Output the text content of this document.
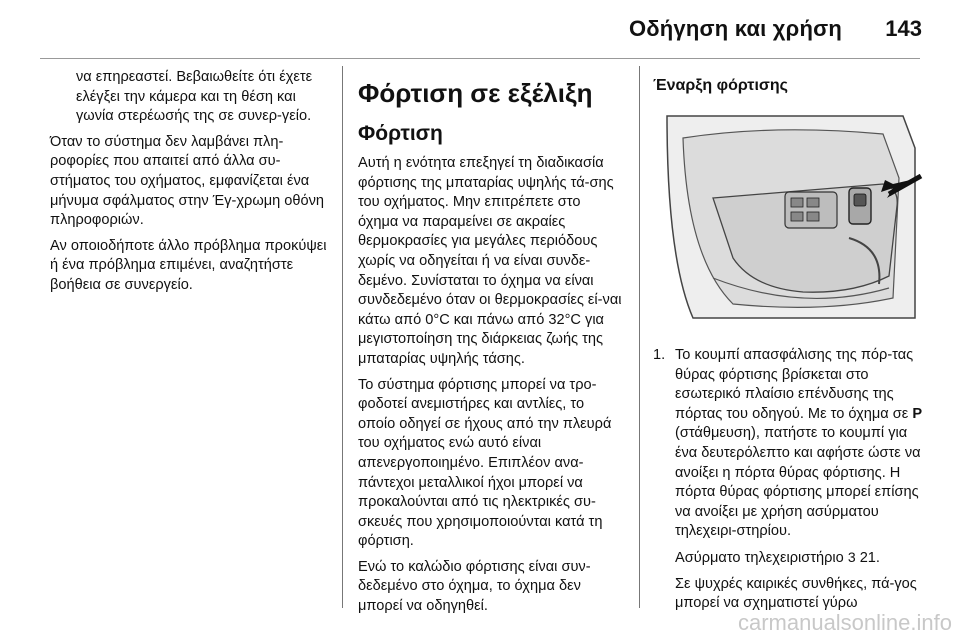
Οδήγηση και χρήση 143

να επηρεαστεί. Βεβαιωθείτε ότι έχετε ελέγξει την κάμερα και τη θέση και γωνία στερέωσής της σε συνερ-γείο.

Όταν το σύστημα δεν λαμβάνει πλη-ροφορίες που απαιτεί από άλλα συ-στήματος του οχήματος, εμφανίζεται ένα μήνυμα σφάλματος στην Έγ-χρωμη οθόνη πληροφοριών.

Αν οποιοδήποτε άλλο πρόβλημα προκύψει ή ένα πρόβλημα επιμένει, αναζητήστε βοήθεια σε συνεργείο.

Φόρτιση σε εξέλιξη
Φόρτιση

Αυτή η ενότητα επεξηγεί τη διαδικασία φόρτισης της μπαταρίας υψηλής τά-σης του οχήματος. Μην επιτρέπετε στο όχημα να παραμείνει σε ακραίες θερμοκρασίες για μεγάλες περιόδους χωρίς να οδηγείται ή να είναι συνδε-δεμένο. Συνίσταται το όχημα να είναι συνδεδεμένο όταν οι θερμοκρασίες εί-ναι κάτω από 0°C και πάνω από 32°C για μεγιστοποίηση της διάρκειας ζωής της μπαταρίας υψηλής τάσης.

Το σύστημα φόρτισης μπορεί να τρο-φοδοτεί ανεμιστήρες και αντλίες, το οποίο οδηγεί σε ήχους από την πλευρά του οχήματος ενώ αυτό είναι απενεργοποιημένο. Επιπλέον ανα-πάντεχοι μεταλλικοί ήχοι μπορεί να προκαλούνται από τις ηλεκτρικές συ-σκευές που χρησιμοποιούνται κατά τη φόρτιση.

Ενώ το καλώδιο φόρτισης είναι συν-δεδεμένο στο όχημα, το όχημα δεν μπορεί να οδηγηθεί.

Έναρξη φόρτισης
1. Το κουμπί απασφάλισης της πόρ-τας θύρας φόρτισης βρίσκεται στο εσωτερικό πλαίσιο επένδυσης της πόρτας του οδηγού. Με το όχημα σε P (στάθμευση), πατήστε το κουμπί για ένα δευτερόλεπτο και αφήστε ώστε να ανοίξει η πόρτα θύρας φόρτισης. Η πόρτα θύρας φόρτισης μπορεί επίσης να ανοίξει με χρήση ασύρματου τηλεχειρι-στηρίου.

Ασύρματο τηλεχειριστήριο 3 21.

Σε ψυχρές καιρικές συνθήκες, πά-γος μπορεί να σχηματιστεί γύρω

carmanualsonline.info
